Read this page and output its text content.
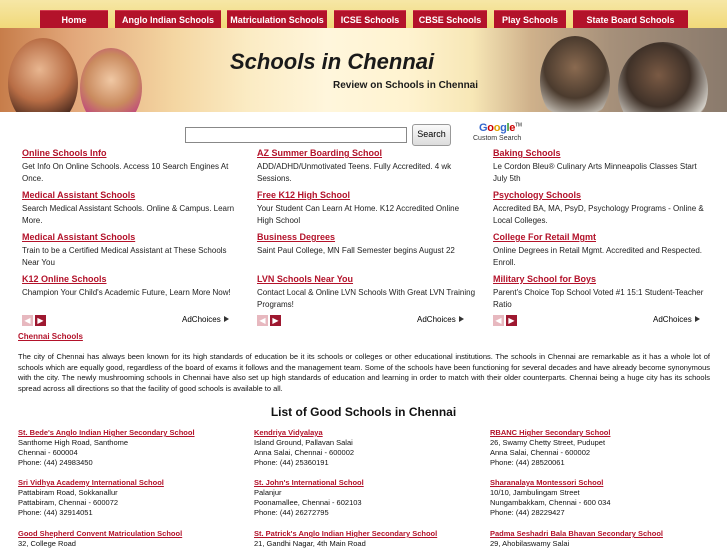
Home	Anglo Indian Schools	Matriculation Schools	ICSE Schools	CBSE Schools	Play Schools	State Board Schools
Schools in Chennai
Review on Schools in Chennai
Search	Google™
Custom Search
Online Schools Info
Get Info On Online Schools. Access 10 Search Engines At Once.
Medical Assistant Schools
Search Medical Assistant Schools. Online & Campus. Learn More.
Medical Assistant Schools
Train to be a Certified Medical Assistant at These Schools Near You
K12 Online Schools
Champion Your Child's Academic Future, Learn More Now!
AZ Summer Boarding School
ADD/ADHD/Unmotivated Teens. Fully Accredited. 4 wk Sessions.
Free K12 High School
Your Student Can Learn At Home. K12 Accredited Online High School
Business Degrees
Saint Paul College, MN Fall Semester begins August 22
LVN Schools Near You
Contact Local & Online LVN Schools With Great LVN Training Programs!
Baking Schools
Le Cordon Bleu® Culinary Arts Minneapolis Classes Start July 5th
Psychology Schools
Accredited BA, MA, PsyD, Psychology Programs - Online & Local Colleges.
College For Retail Mgmt
Online Degrees in Retail Mgmt. Accredited and Respected. Enroll.
Military School for Boys
Parent's Choice Top School Voted #1 15:1 Student-Teacher Ratio
◀ ▶	AdChoices	◀ ▶	AdChoices	◀ ▶	AdChoices
Chennai Schools

The city of Chennai has always been known for its high standards of education be it its schools or colleges or other educational institutions. The schools in Chennai are remarkable as it has a whole lot of schools which are equally good, regardless of the board of exams it follows and the management team. Some of the schools have been functioning for several decades and have already become synonymous with the city. The newly mushrooming schools in Chennai have also set up high standards of education and learning in order to match with their older counterparts. Chennai being a huge city has its schools spread across all directions so that the facility of good schools is available to all.

List of Good Schools in Chennai
St. Bede's Anglo Indian Higher Secondary School
Santhome High Road, Santhome
Chennai - 600004
Phone: (44) 24983450
Sri Vidhya Academy International School
Pattabiram Road, Sokkanallur
Pattabiram, Chennai - 600072
Phone: (44) 32914051
Good Shepherd Convent Matriculation School
32, College Road
Kendriya Vidyalaya
Island Ground, Pallavan Salai
Anna Salai, Chennai - 600002
Phone: (44) 25360191
St. John's International School
Palanjur
Poonamallee, Chennai - 602103
Phone: (44) 26272795
St. Patrick's Anglo Indian Higher Secondary School
21, Gandhi Nagar, 4th Main Road
RBANC Higher Secondary School
26, Swamy Chetty Street, Pudupet
Anna Salai, Chennai - 600002
Phone: (44) 28520061
Sharanalaya Montessori School
10/10, Jambulingam Street
Nungambakkam, Chennai - 600 034
Phone: (44) 28229427
Padma Seshadri Bala Bhavan Secondary School
29, Ahobilaswamy Salai
